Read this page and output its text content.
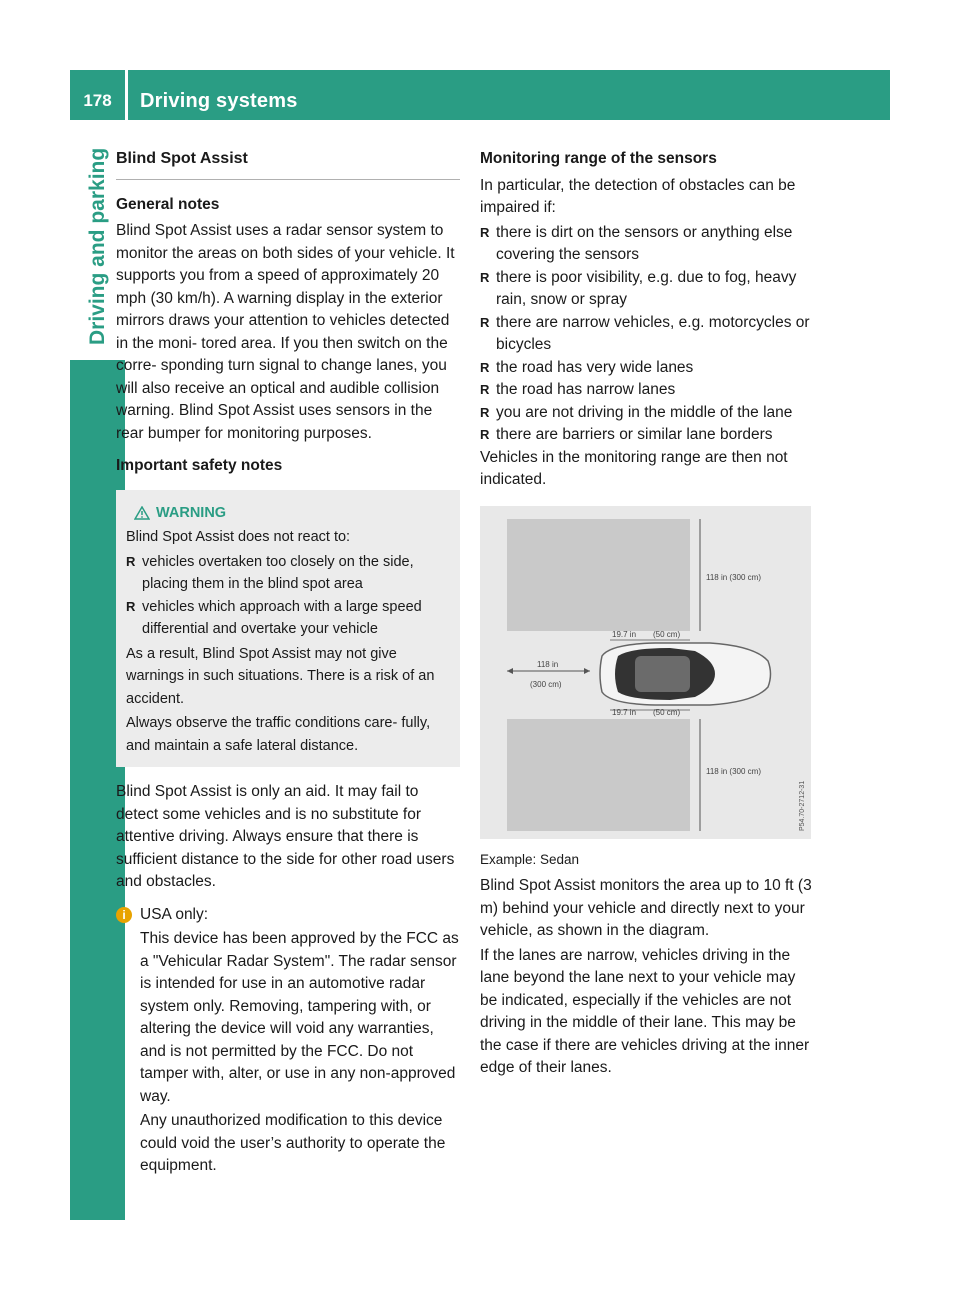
178	Driving systems
Driving and parking Blind Spot Assist
General notes

Blind Spot Assist uses a radar sensor system to monitor the areas on both sides of your vehicle. It supports you from a speed of approximately 20 mph (30 km/h). A warning display in the exterior mirrors draws your attention to vehicles detected in the moni- tored area. If you then switch on the corre- sponding turn signal to change lanes, you will also receive an optical and audible collision warning. Blind Spot Assist uses sensors in the rear bumper for monitoring purposes.

Important safety notes
WARNING

Blind Spot Assist does not react to:

R vehicles overtaken too closely on the side, placing them in the blind spot area
R vehicles which approach with a large speed differential and overtake your vehicle

As a result, Blind Spot Assist may not give warnings in such situations. There is a risk of an accident.

Always observe the traffic conditions care- fully, and maintain a safe lateral distance.

Blind Spot Assist is only an aid. It may fail to detect some vehicles and is no substitute for attentive driving. Always ensure that there is sufficient distance to the side for other road users and obstacles.

i USA only:

This device has been approved by the FCC as a "Vehicular Radar System". The radar sensor is intended for use in an automotive radar system only. Removing, tampering with, or altering the device will void any warranties, and is not permitted by the FCC. Do not tamper with, alter, or use in any non-approved way.

Any unauthorized modification to this device could void the user’s authority to operate the equipment.

Monitoring range of the sensors

In particular, the detection of obstacles can be impaired if:

R there is dirt on the sensors or anything else covering the sensors
R there is poor visibility, e.g. due to fog, heavy rain, snow or spray
R there are narrow vehicles, e.g. motorcycles or bicycles
R the road has very wide lanes
R the road has narrow lanes
R you are not driving in the middle of the lane
R there are barriers or similar lane borders

Vehicles in the monitoring range are then not indicated.

118 in (300 cm)
19.7 in (50 cm)
118 in
(300 cm)
19.7 in (50 cm)
118 in (300 cm)
P54.70-2712-31
Example: Sedan

Blind Spot Assist monitors the area up to 10 ft (3 m) behind your vehicle and directly next to your vehicle, as shown in the diagram.

If the lanes are narrow, vehicles driving in the lane beyond the lane next to your vehicle may be indicated, especially if the vehicles are not driving in the middle of their lane. This may be the case if there are vehicles driving at the inner edge of their lanes.
